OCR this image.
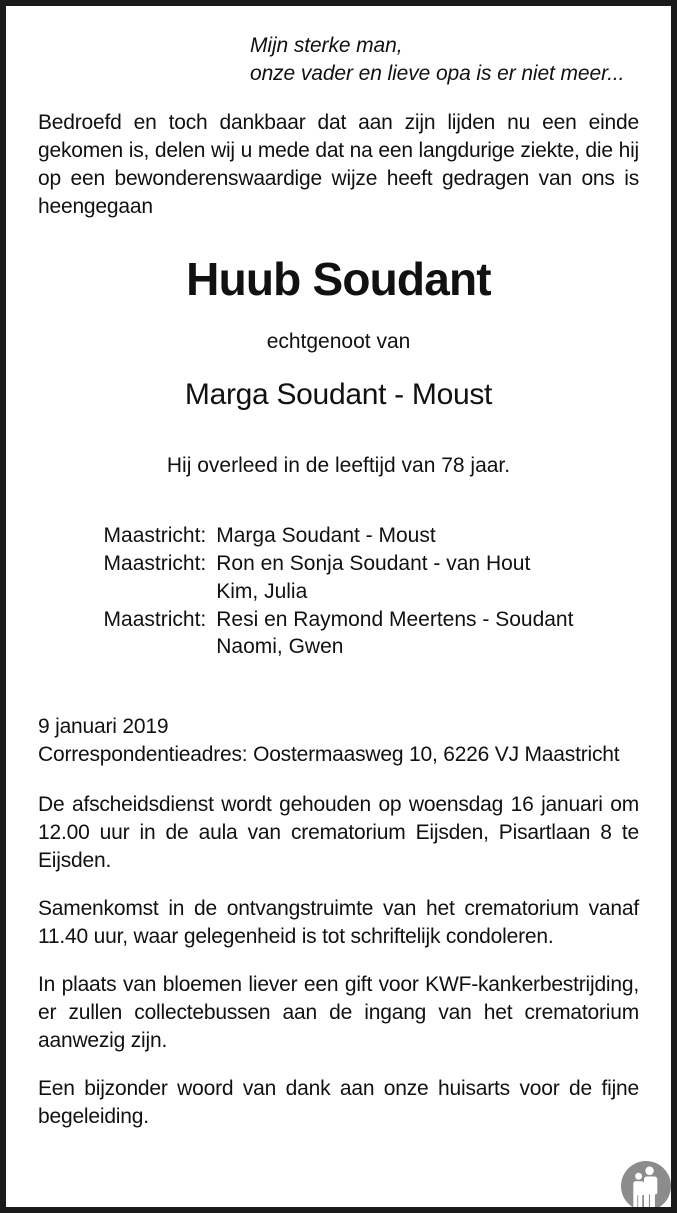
Mijn sterke man,
onze vader en lieve opa is er niet meer...

Bedroefd en toch dankbaar dat aan zijn lijden nu een einde gekomen is, delen wij u mede dat na een langdurige ziekte, die hij op een bewonderenswaardige wijze heeft gedragen van ons is heengegaan

Huub Soudant
echtgenoot van
Marga Soudant - Moust
Hij overleed in de leeftijd van 78 jaar.
Maastricht:	Marga Soudant - Moust
Maastricht:	Ron en Sonja Soudant - van Hout
	Kim, Julia
Maastricht:	Resi en Raymond Meertens - Soudant
	Naomi, Gwen
9 januari 2019
Correspondentieadres: Oostermaasweg 10, 6226 VJ Maastricht

De afscheidsdienst wordt gehouden op woensdag 16 januari om 12.00 uur in de aula van crematorium Eijsden, Pisartlaan 8 te Eijsden.

Samenkomst in de ontvangstruimte van het crematorium vanaf 11.40 uur, waar gelegenheid is tot schriftelijk condoleren.

In plaats van bloemen liever een gift voor KWF-kankerbestrijding, er zullen collectebussen aan de ingang van het crematorium aanwezig zijn.

Een bijzonder woord van dank aan onze huisarts voor de fijne begeleiding.
